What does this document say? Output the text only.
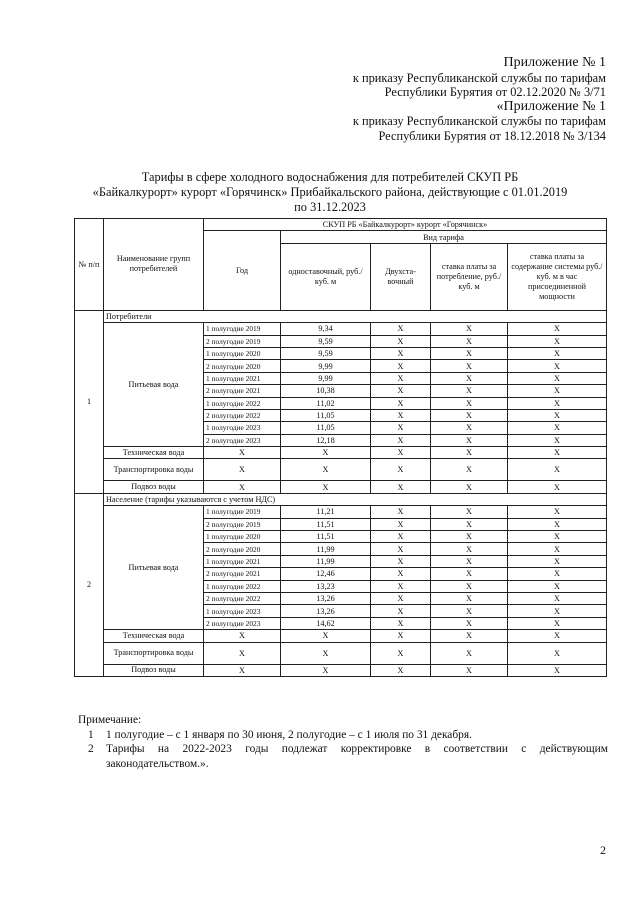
Приложение № 1
к приказу Республиканской службы по тарифам
Республики Бурятия от 02.12.2020 № 3/71
«Приложение № 1
к приказу Республиканской службы по тарифам
Республики Бурятия от 18.12.2018 № 3/134
Тарифы в сфере холодного водоснабжения для потребителей СКУП РБ
«Байкалкурорт» курорт «Горячинск» Прибайкальского района, действующие с 01.01.2019
по 31.12.2023
№ п/п	Наименование групп потребителей	СКУП РБ «Байкалкурорт» курорт «Горячинск»				
		Год	Вид тарифа			
			одноставочный, руб./ куб. м	Двухста-вочный	ставка платы за потребление, руб./ куб. м	ставка платы за содержание системы руб./куб. м в час присоединенной мощности
1	Потребители					
	Питьевая вода	1 полугодие 2019	9,34	X	X	X
		2 полугодие 2019	9,59	X	X	X
		1 полугодие 2020	9,59	X	X	X
		2 полугодие 2020	9,99	X	X	X
		1 полугодие 2021	9,99	X	X	X
		2 полугодие 2021	10,38	X	X	X
		1 полугодие 2022	11,02	X	X	X
		2 полугодие 2022	11,05	X	X	X
		1 полугодие 2023	11,05	X	X	X
		2 полугодие 2023	12,18	X	X	X
	Техническая вода	X	X	X	X	X
	Транспортировка воды	X	X	X	X	X
	Подвоз воды	X	X	X	X	X
2	Население (тарифы указываются с учетом НДС)					
	Питьевая вода	1 полугодие 2019	11,21	X	X	X
		2 полугодие 2019	11,51	X	X	X
		1 полугодие 2020	11,51	X	X	X
		2 полугодие 2020	11,99	X	X	X
		1 полугодие 2021	11,99	X	X	X
		2 полугодие 2021	12,46	X	X	X
		1 полугодие 2022	13,23	X	X	X
		2 полугодие 2022	13,26	X	X	X
		1 полугодие 2023	13,26	X	X	X
		2 полугодие 2023	14,62	X	X	X
	Техническая вода	X	X	X	X	X
	Транспортировка воды	X	X	X	X	X
	Подвоз воды	X	X	X	X	X
Примечание:
1 1 полугодие – с 1 января по 30 июня, 2 полугодие – с 1 июля по 31 декабря.
2 Тарифы на 2022-2023 годы подлежат корректировке в соответствии с действующим законодательством.».
2
